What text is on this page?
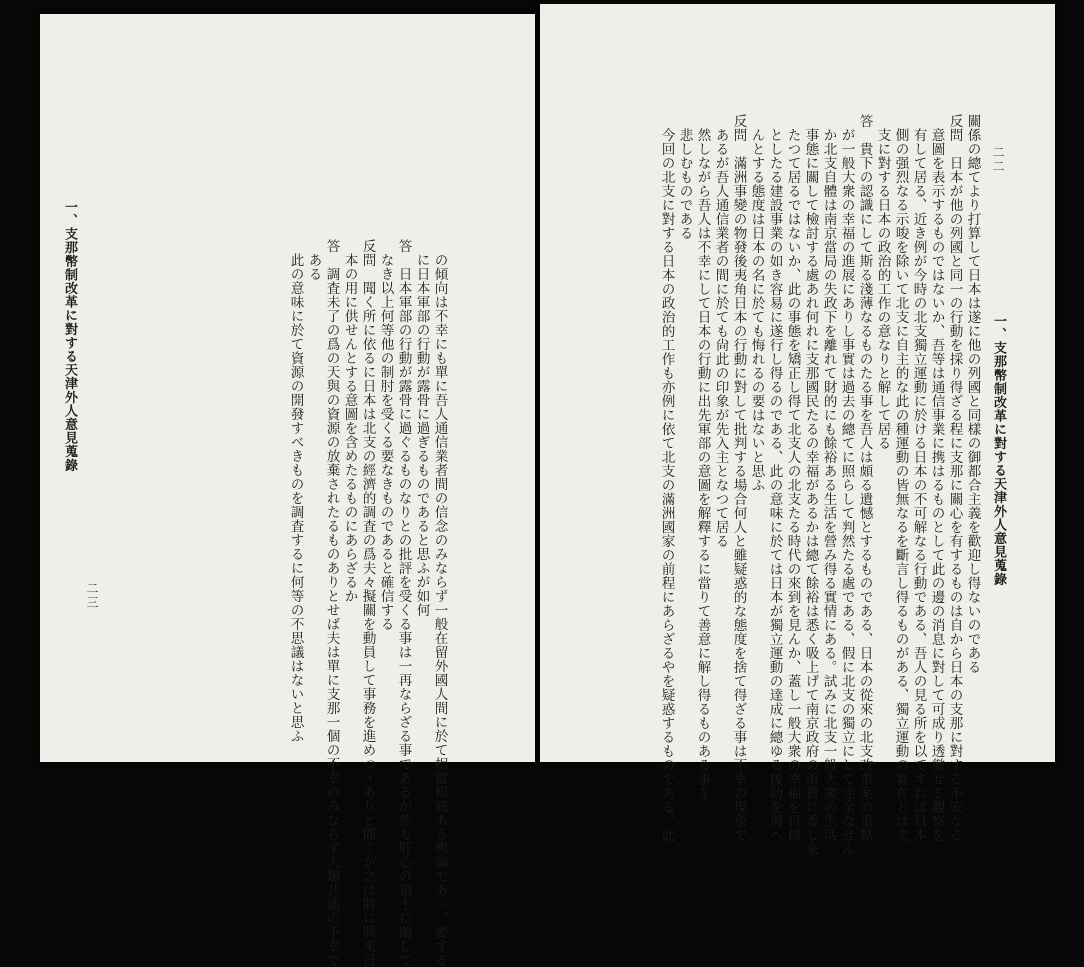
二三
一、支那幣制改革に對する天津外人意見蒐錄	の傾向は不幸にも單に吾人通信業者間の信念のみならず一般在留外國人間に於て相當根底ある輿論であゝ、要する
に日本軍部の行動が露骨に過ぎるものであると思ふが如何
答　日本軍部の行動が露骨に過ぐるものなりとの批評を受くる事は一再ならざる事であるが然も肝心の領土に關して
なき以上何等他の制肘を受くる要なきものであると確信する
反問　聞く所に依るに日本は北支の經濟的調査の爲夫々擬關を動員して事務を進めつゝありと聞くが之は將に將來日
本の用に供せんとする意圖を含めたるものにあらざるか
答　調査未了の爲の天與の資源の放棄されたるものありとせば夫は單に支那一個の不幸のみならず人類共通の不幸で
ある
此の意味に於て資源の開發すべきものを調査するに何等の不思議はないと思ふ
二二
一、支那幣制改革に對する天津外人意見蒐錄
關係の總てより打算して日本は遂に他の列國と同樣の御都合主義を歡迎し得ないのである
反問　日本が他の列國と同一の行動を採り得ざる程に支那に關心を有するものは自から日本の支那に對する不安なる
意圖を表示するものではないか、吾等は通信事業に携はるものとして此の邊の消息に對して可成り透徹せる觀察を
有して居る、近き例が今時の北支獨立運動に於ける日本の不可解なる行動である、吾人の見る所を以てすれば日本
側の强烈なる示唆を除いて北支に自主的な此の種運動の皆無なるを斷言し得るものがある、獨立運動の實在とは北
支に對する日本の政治的工作の意なりと解して居る
答　貴下の認識にして斯る淺薄なるものたる事を吾人は頗る遺憾とするものである、日本の從來の北支改革案の重點
が一般大衆の幸福の進展にありし事實は過去の總てに照らして判然たる處である、假に北支の獨立にして完全なせん
か北支自體は南京當局の失政下を離れて財的にも餘裕ある生活を營み得る實情にある。試みに北支一般大衆の生活
事態に關して檢討する處あれ何れに支那國民たるの幸福があるかは總て餘裕は悉く吸上げて南京政府の浪費に委し來
たつて居るではないか、此の事態を矯正し得て北支人の北支たる時代の來到を見んか、蓋し一般大衆の幸福を目標
としたる建設事業の如き容易に遂行し得るのである、此の意味に於ては日本が獨立運動の達成に總ゆる援助を與へ
んとする態度は日本の名に於ても悔れるの要はないと思ふ
反問　滿洲事變の物發後夷角日本の行動に對して批判する場合何人と雖疑惑的な態度を捨て得ざる事は不幸の現象で
あるが吾人通信業者の間に於ても尙此の印象が先入主となつて居る
然しながら吾人は不幸にして日本の行動に出先軍部の意圖を解釋するに當りて善意に解し得るものある事を
悲しむものである
今回の北支に對する日本の政治的工作も亦例に依て北支の滿洲國家の前程にあらざるやを疑惑するものである、此
